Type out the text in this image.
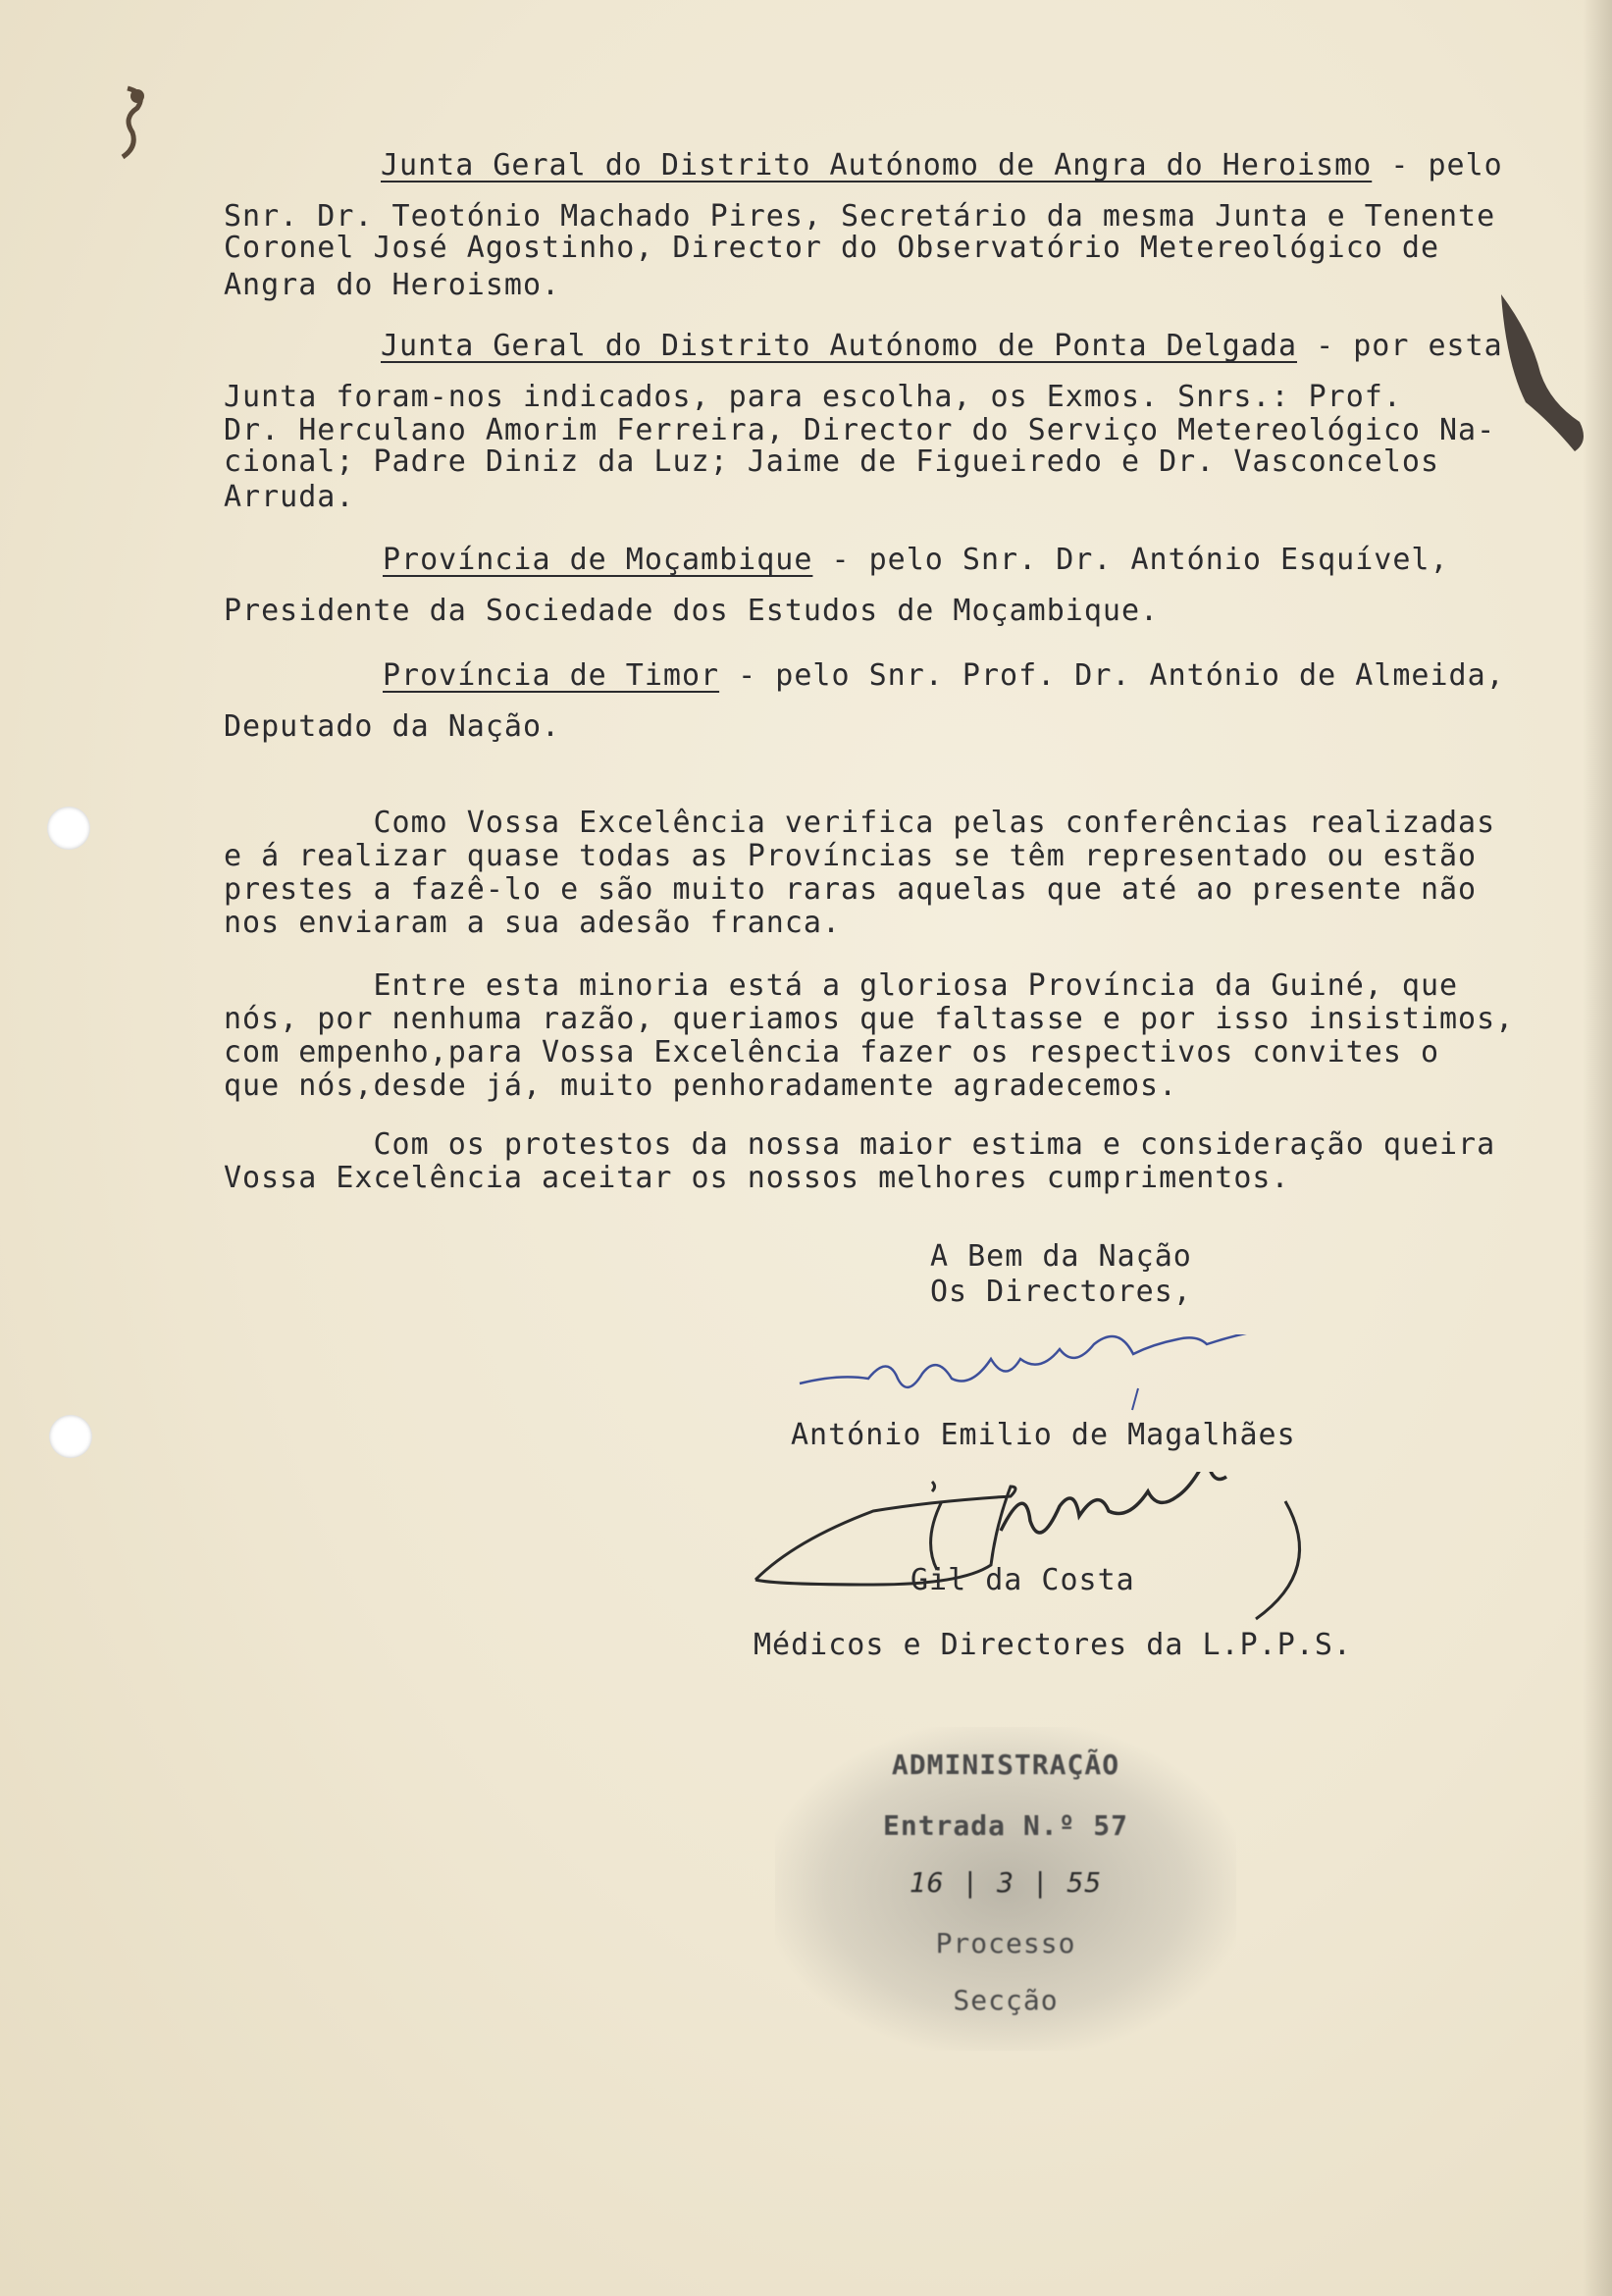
Junta Geral do Distrito Autónomo de Angra do Heroismo - pelo

Snr. Dr. Teotónio Machado Pires, Secretário da mesma Junta e Tenente

Coronel José Agostinho, Director do Observatório Metereológico de

Angra do Heroismo.

Junta Geral do Distrito Autónomo de Ponta Delgada - por esta

Junta foram-nos indicados, para escolha, os Exmos. Snrs.: Prof.

Dr. Herculano Amorim Ferreira, Director do Serviço Metereológico Na-

cional; Padre Diniz da Luz; Jaime de Figueiredo e Dr. Vasconcelos

Arruda.

Província de Moçambique - pelo Snr. Dr. António Esquível,

Presidente da Sociedade dos Estudos de Moçambique.

Província de Timor - pelo Snr. Prof. Dr. António de Almeida,

Deputado da Nação.

Como Vossa Excelência verifica pelas conferências realizadas

e á realizar quase todas as Províncias se têm representado ou estão

prestes a fazê-lo e são muito raras aquelas que até ao presente não

nos enviaram a sua adesão franca.

Entre esta minoria está a gloriosa Província da Guiné, que

nós, por nenhuma razão, queriamos que faltasse e por isso insistimos,

com empenho,para Vossa Excelência fazer os respectivos convites o

que nós,desde já, muito penhoradamente agradecemos.

Com os protestos da nossa maior estima e consideração queira

Vossa Excelência aceitar os nossos melhores cumprimentos.

A Bem da Nação

Os Directores,

António Emilio de Magalhães

Gil da Costa

Médicos e Directores da L.P.P.S.

ADMINISTRAÇÃO
Entrada N.º 57
16 | 3 | 55
Processo
Secção
